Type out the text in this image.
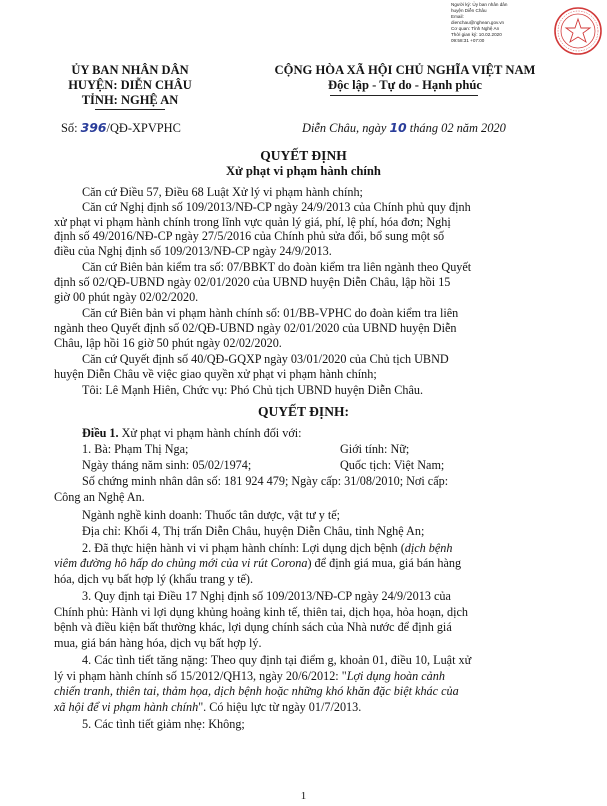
Người ký: Ủy ban nhân dân
huyện Diễn Châu
Email:
dienchau@nghean.gov.vn
Cơ quan: Tỉnh Nghệ An
Thời gian ký: 10.02.2020
09:58:31 +07:00
ỦY BAN NHÂN DÂN
HUYỆN: DIỄN CHÂU
TỈNH: NGHỆ AN
CỘNG HÒA XÃ HỘI CHỦ NGHĨA VIỆT NAM
Độc lập - Tự do - Hạnh phúc
Số: 396/QĐ-XPVPHC	Diễn Châu, ngày 10 tháng 02 năm 2020
QUYẾT ĐỊNH
Xử phạt vi phạm hành chính
Căn cứ Điều 57, Điều 68 Luật Xử lý vi phạm hành chính;
Căn cứ Nghị định số 109/2013/NĐ-CP ngày 24/9/2013 của Chính phủ quy định
xử phạt vi phạm hành chính trong lĩnh vực quản lý giá, phí, lệ phí, hóa đơn; Nghị
định số 49/2016/NĐ-CP ngày 27/5/2016 của Chính phủ sửa đổi, bổ sung một số
điều của Nghị định số 109/2013/NĐ-CP ngày 24/9/2013.
Căn cứ Biên bản kiểm tra số: 07/BBKT do đoàn kiểm tra liên ngành theo Quyết
định số 02/QĐ-UBND ngày 02/01/2020 của UBND huyện Diễn Châu, lập hồi 15
giờ 00 phút ngày 02/02/2020.
Căn cứ Biên bản vi phạm hành chính số: 01/BB-VPHC do đoàn kiểm tra liên
ngành theo Quyết định số 02/QĐ-UBND ngày 02/01/2020 của UBND huyện Diễn
Châu, lập hồi 16 giờ 50 phút ngày 02/02/2020.
Căn cứ Quyết định số 40/QĐ-GQXP ngày 03/01/2020 của Chủ tịch UBND
huyện Diễn Châu về việc giao quyền xử phạt vi phạm hành chính;
Tôi: Lê Mạnh Hiên, Chức vụ: Phó Chủ tịch UBND huyện Diễn Châu.
QUYẾT ĐỊNH:
Điều 1. Xử phạt vi phạm hành chính đối với:
1. Bà: Phạm Thị Nga;	Giới tính: Nữ;
Ngày tháng năm sinh: 05/02/1974;	Quốc tịch: Việt Nam;
Số chứng minh nhân dân số: 181 924 479; Ngày cấp: 31/08/2010; Nơi cấp:
Công an Nghệ An.
Ngành nghề kinh doanh: Thuốc tân dược, vật tư y tế;
Địa chỉ: Khối 4, Thị trấn Diễn Châu, huyện Diễn Châu, tỉnh Nghệ An;
2. Đã thực hiện hành vi vi phạm hành chính: Lợi dụng dịch bệnh (dịch bệnh
viêm đường hô hấp do chủng mới của vi rút Corona) để định giá mua, giá bán hàng
hóa, dịch vụ bất hợp lý (khẩu trang y tế).
3. Quy định tại Điều 17 Nghị định số 109/2013/NĐ-CP ngày 24/9/2013 của
Chính phủ: Hành vi lợi dụng khủng hoảng kinh tế, thiên tai, dịch họa, hỏa hoạn, dịch
bệnh và điều kiện bất thường khác, lợi dụng chính sách của Nhà nước để định giá
mua, giá bán hàng hóa, dịch vụ bất hợp lý.
4. Các tình tiết tăng nặng: Theo quy định tại điểm g, khoản 01, điều 10, Luật xử
lý vi phạm hành chính số 15/2012/QH13, ngày 20/6/2012: "Lợi dụng hoàn cảnh
chiến tranh, thiên tai, thảm họa, dịch bệnh hoặc những khó khăn đặc biệt khác của
xã hội để vi phạm hành chính". Có hiệu lực từ ngày 01/7/2013.
5. Các tình tiết giảm nhẹ: Không;
1
